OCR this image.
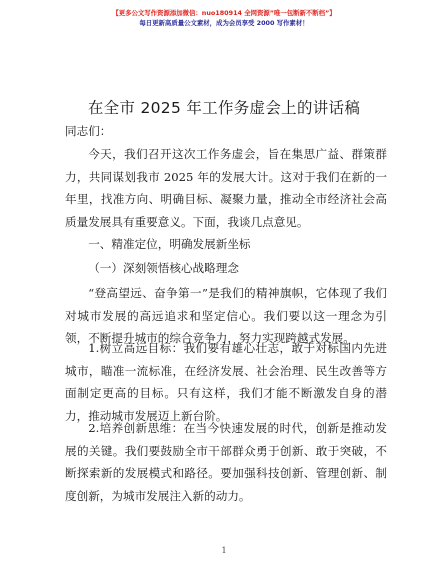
【更多公文写作资源添加微信：nuo180914 全网资源”唯一包断新不断档”】
每日更新高质量公文素材，成为会员享受 2000 写作素材！
在全市 2025 年工作务虚会上的讲话稿
同志们：

今天，我们召开这次工作务虚会，旨在集思广益、群策群力，共同谋划我市 2025 年的发展大计。这对于我们在新的一年里，找准方向、明确目标、凝聚力量，推动全市经济社会高质量发展具有重要意义。下面，我谈几点意见。

一、精准定位，明确发展新坐标

（一）深刻领悟核心战略理念

“登高望远、奋争第一”是我们的精神旗帜，它体现了我们对城市发展的高远追求和坚定信心。我们要以这一理念为引领，不断提升城市的综合竞争力，努力实现跨越式发展。

1.树立高远目标：我们要有雄心壮志，敢于对标国内先进城市，瞄准一流标准，在经济发展、社会治理、民生改善等方面制定更高的目标。只有这样，我们才能不断激发自身的潜力，推动城市发展迈上新台阶。

2.培养创新思维：在当今快速发展的时代，创新是推动发展的关键。我们要鼓励全市干部群众勇于创新、敢于突破，不断探索新的发展模式和路径。要加强科技创新、管理创新、制度创新，为城市发展注入新的动力。

1
